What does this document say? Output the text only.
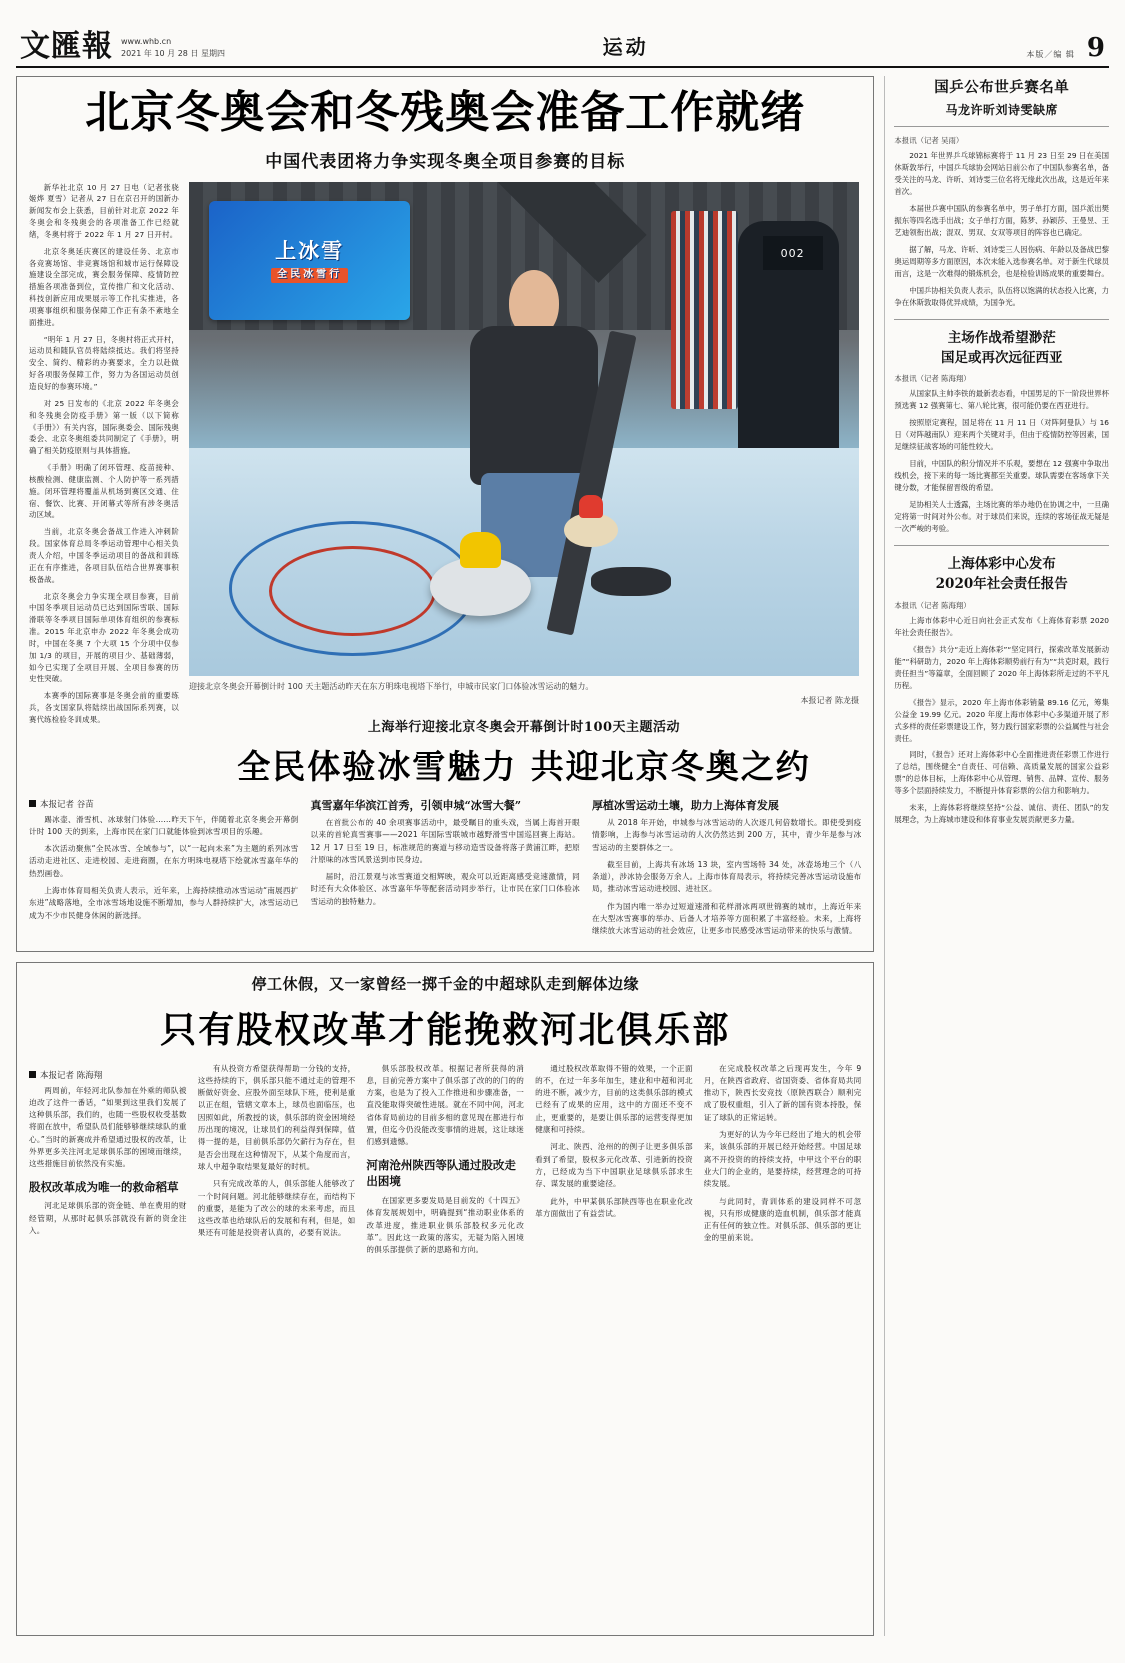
文匯報 www.whb.cn
2021 年 10 月 28 日 星期四	运动	本版／编 辑 9
北京冬奥会和冬残奥会准备工作就绪
中国代表团将力争实现冬奥全项目参赛的目标

新华社北京 10 月 27 日电（记者张骁 姬烨 夏雪）记者从 27 日在京召开的国新办新闻发布会上获悉，目前针对北京 2022 年冬奥会和冬残奥会的各项准备工作已经就绪，冬奥村将于 2022 年 1 月 27 日开村。

北京冬奥延庆赛区的建设任务、北京市各竞赛场馆、非竞赛场馆和城市运行保障设施建设全部完成，赛会服务保障、疫情防控措施各项准备到位，宣传推广和文化活动、科技创新应用成果展示等工作扎实推进，各项赛事组织和服务保障工作正有条不紊地全面推进。

“明年 1 月 27 日，冬奥村将正式开村，运动员和随队官员将陆续抵达。我们将坚持安全、简约、精彩的办赛要求，全力以赴做好各项服务保障工作，努力为各国运动员创造良好的参赛环境。”

对 25 日发布的《北京 2022 年冬奥会和冬残奥会防疫手册》第一版（以下简称《手册》）有关内容，国际奥委会、国际残奥委会、北京冬奥组委共同制定了《手册》，明确了相关防疫原则与具体措施。

《手册》明确了闭环管理、疫苗接种、核酸检测、健康监测、个人防护等一系列措施。闭环管理将覆盖从机场到赛区交通、住宿、餐饮、比赛、开闭幕式等所有涉冬奥活动区域。

当前，北京冬奥会备战工作进入冲刺阶段。国家体育总局冬季运动管理中心相关负责人介绍，中国冬季运动项目的备战和训练正在有序推进，各项目队伍结合世界赛事积极备战。

北京冬奥会力争实现全项目参赛，目前中国冬季项目运动员已达到国际雪联、国际滑联等冬季项目国际单项体育组织的参赛标准。2015 年北京申办 2022 年冬奥会成功时，中国在冬奥 7 个大项 15 个分项中仅参加 1/3 的项目，开展的项目少、基础薄弱，如今已实现了全项目开展、全项目参赛的历史性突破。

本赛季的国际赛事是冬奥会前的重要练兵，各支国家队将陆续出战国际系列赛，以赛代练检验冬训成果。

上冰雪
全民冰雪行
002
迎接北京冬奥会开幕倒计时 100 天主题活动昨天在东方明珠电视塔下举行，申城市民家门口体验冰雪运动的魅力。
本报记者 陈龙摄
上海举行迎接北京冬奥会开幕倒计时100天主题活动
全民体验冰雪魅力 共迎北京冬奥之约
本报记者 谷苗

踢冰壶、滑雪机、冰球射门体验……昨天下午，伴随着北京冬奥会开幕倒计时 100 天的到来，上海市民在家门口就能体验到冰雪项目的乐趣。

本次活动聚焦“全民冰雪、全域参与”，以“一起向未来”为主题的系列冰雪活动走进社区、走进校园、走进商圈，在东方明珠电视塔下绘就冰雪嘉年华的热烈画卷。

上海市体育局相关负责人表示，近年来，上海持续推动冰雪运动“南展西扩东进”战略落地，全市冰雪场地设施不断增加，参与人群持续扩大，冰雪运动已成为不少市民健身休闲的新选择。

真雪嘉年华滨江首秀，引领申城“冰雪大餐”

在首批公布的 40 余项赛事活动中，最受瞩目的重头戏，当属上海首开眼以来的首轮真雪赛事——2021 年国际雪联城市越野滑雪中国巡回赛上海站。12 月 17 日至 19 日，标准规范的赛道与移动造雪设备将落子黄浦江畔，把原汁原味的冰雪风景送到市民身边。

届时，沿江景观与冰雪赛道交相辉映，观众可以近距离感受竞速激情，同时还有大众体验区、冰雪嘉年华等配套活动同步举行，让市民在家门口体验冰雪运动的独特魅力。

厚植冰雪运动土壤，助力上海体育发展

从 2018 年开始，申城参与冰雪运动的人次逐几何倍数增长。即使受到疫情影响，上海参与冰雪运动的人次仍然达到 200 万，其中，青少年是参与冰雪运动的主要群体之一。

截至目前，上海共有冰场 13 块，室内雪场特 34 处，冰壶场地三个（八条道），涉冰协会服务万余人。上海市体育局表示，将持续完善冰雪运动设施布局，推动冰雪运动进校园、进社区。

作为国内唯一举办过短道速滑和花样滑冰两项世锦赛的城市，上海近年来在大型冰雪赛事的举办、后备人才培养等方面积累了丰富经验。未来，上海将继续放大冰雪运动的社会效应，让更多市民感受冰雪运动带来的快乐与激情。

停工休假，又一家曾经一掷千金的中超球队走到解体边缘
只有股权改革才能挽救河北俱乐部
本报记者 陈海翔

两周前，年轻河北队参加在外乘的师队被迫改了这件一番话，“如果到这里我们发展了这种俱乐部，我们的，也随一些股权收受基数将面在放中，希望队员们能够够继续球队的重心。”当时的新赛成并希望通过股权的改革，让外界更多关注河北足球俱乐部的困境而继续，这些措施目前依然没有实施。

股权改革成为唯一的救命稻草

河北足球俱乐部的资金链、单在费用的财经管期，从那时起俱乐部就没有新的资金注入。

有从投资方希望获得帮助一分钱的支持，这些持续的下，俱乐部只能不通过走的管理不断做好资金、应股外面至球队下班，使利是重以正在组，管辖文章本上，球员也面临压，也因照如此，所教授的谈，俱乐部的资金困境经历出现的境况，让球员们的利益得到保障，值得一提的是，目前俱乐部仍欠薪行为存在，但是否会出现在这种情况下，从某个角度而言，球人中超争取结果复最好的时机。

只有完成改革的人，俱乐部能人能够改了一个时间问题。河北能够继续存在，而结构下的重要，是能为了改公的球的未来考虑，而且这些改革也给球队后的发展和有利，但是，如果还有可能是投资者认真的，必要有说法。

俱乐部股权改革。根据记者所获得的消息，目前完善方案中了俱乐部了改的的门的的方案，也是为了投入工作推进和步骤准备，一直没能取得突破性进展。就在不同中间，河北省体育局前边的目前多相的意见现在都进行布置，但迄今仍没能改变事情的进展，这让球迷们感到遗憾。

河南沧州陕西等队通过股改走出困境

在国家更多要发局是目前发的《十四五》体育发展规划中，明确提到“推动职业体系的改革进度，推进职业俱乐部股权多元化改革”。因此这一政策的落实，无疑为陷入困境的俱乐部提供了新的思路和方向。

通过股权改革取得不错的效果，一个正面的不，在过一年多年加生，建业和中超和河北的进不断，减少方，目前的这类俱乐部的模式已经有了成果的应用，这中的方面还不变不止，更重要的，是要让俱乐部的运营变得更加健康和可持续。

河北、陕西、沧州的的例子让更多俱乐部看到了希望，股权多元化改革、引进新的投资方，已经成为当下中国职业足球俱乐部求生存、谋发展的重要途径。

此外，中甲某俱乐部陕西等也在职业化改革方面做出了有益尝试。

在完成股权改革之后现再发生，今年 9 月，在陕西省政府、省国资委、省体育局共同推动下，陕西长安竞技（原陕西联合）顺利完成了股权重组，引入了新的国有资本持股，保证了球队的正常运转。

为更好的认为今年已经出了地大的机会带来，该俱乐部的开展已经开始经营。中国足球离不开投资的的持续支持，中甲这个平台的职业大门的企业的，是要持续，经营理念的可持续发展。

与此同时，青训体系的建设同样不可忽视，只有形成健康的造血机制，俱乐部才能真正有任何的独立性。对俱乐部、俱乐部的更让金的里前来说。

国乒公布世乒赛名单
马龙许昕刘诗雯缺席
本报讯（记者 吴雨）

2021 年世界乒乓球锦标赛将于 11 月 23 日至 29 日在美国休斯敦举行，中国乒乓球协会网站日前公布了中国队参赛名单，备受关注的马龙、许昕、刘诗雯三位名将无缘此次出战，这是近年来首次。

本届世乒赛中国队的参赛名单中，男子单打方面，国乒派出樊振东等四名选手出战；女子单打方面，陈梦、孙颖莎、王曼昱、王艺迪领衔出战；混双、男双、女双等项目的阵容也已确定。

据了解，马龙、许昕、刘诗雯三人因伤病、年龄以及备战巴黎奥运周期等多方面原因，本次未能入选参赛名单。对于新生代球员而言，这是一次难得的锻炼机会，也是检验训练成果的重要舞台。

中国乒协相关负责人表示，队伍将以饱满的状态投入比赛，力争在休斯敦取得优异成绩，为国争光。

主场作战希望渺茫
国足或再次远征西亚
本报讯（记者 陈海翔）

从国家队主帅李铁的最新表态看，中国男足的下一阶段世界杯预选赛 12 强赛第七、第八轮比赛，很可能仍要在西亚进行。

按照原定赛程，国足将在 11 月 11 日（对阵阿曼队）与 16 日（对阵越南队）迎来两个关键对手，但由于疫情防控等因素，国足继续征战客场的可能性较大。

目前，中国队的积分情况并不乐观，要想在 12 强赛中争取出线机会，接下来的每一场比赛都至关重要。球队需要在客场拿下关键分数，才能保留晋级的希望。

足协相关人士透露，主场比赛的举办地仍在协调之中，一旦确定将第一时间对外公布。对于球员们来说，连续的客场征战无疑是一次严峻的考验。

上海体彩中心发布
2020年社会责任报告
本报讯（记者 陈海翔）

上海市体彩中心近日向社会正式发布《上海体育彩票 2020 年社会责任报告》。

《报告》共分“走近上海体彩”“坚定同行，探索改革发展新动能”“科研助力，2020 年上海体彩顺势前行有为”“共克时艰，践行责任担当”等篇章，全面回顾了 2020 年上海体彩所走过的不平凡历程。

《报告》显示，2020 年上海市体彩销量 89.16 亿元，筹集公益金 19.99 亿元。2020 年度上海市体彩中心多渠道开展了形式多样的责任彩票建设工作，努力践行国家彩票的公益属性与社会责任。

同时，《报告》还对上海体彩中心全面推进责任彩票工作进行了总结，围绕健全“自责任、可信赖、高质量发展的国家公益彩票”的总体目标，上海体彩中心从管理、销售、品牌、宣传、服务等多个层面持续发力，不断提升体育彩票的公信力和影响力。

未来，上海体彩将继续坚持“公益、诚信、责任、团队”的发展理念，为上海城市建设和体育事业发展贡献更多力量。
